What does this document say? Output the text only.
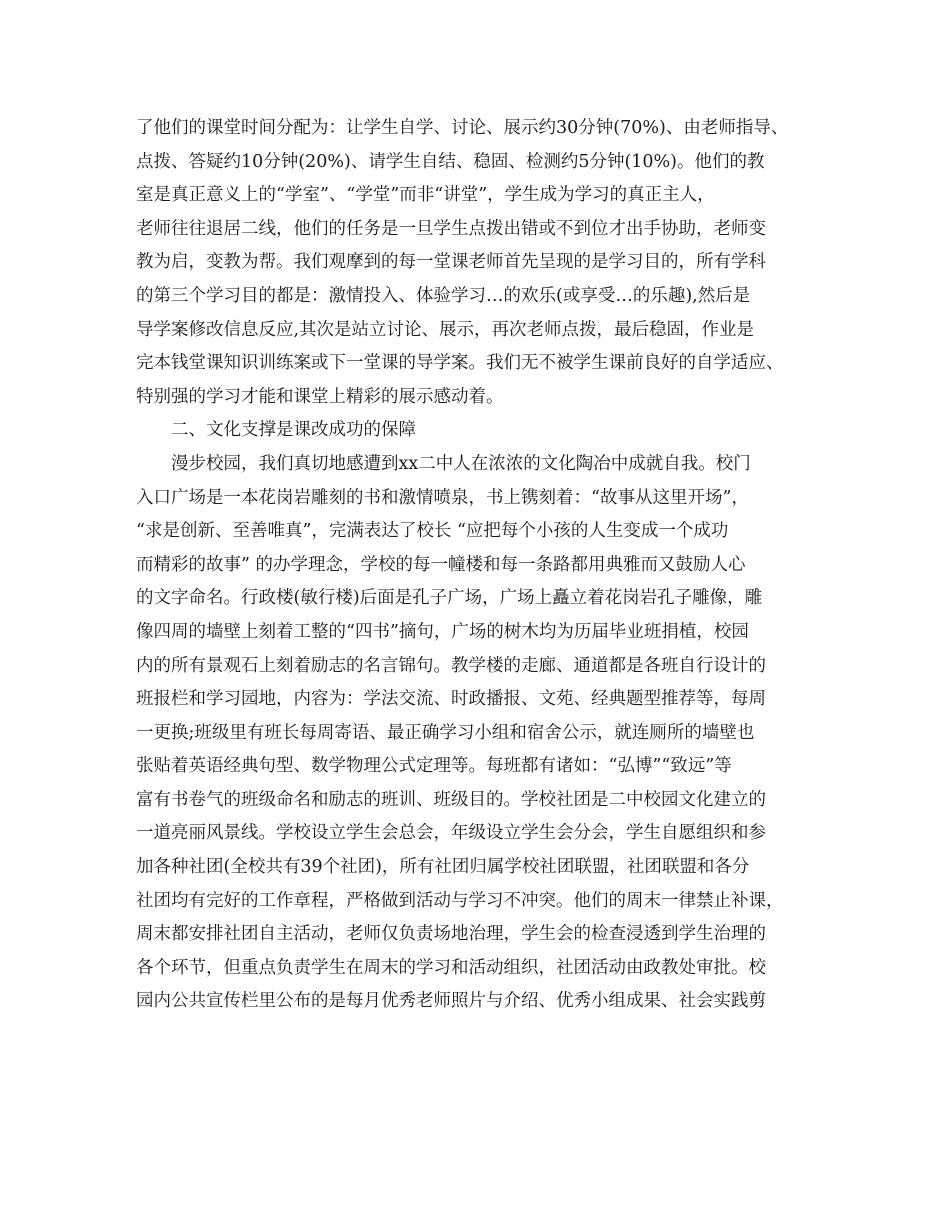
了他们的课堂时间分配为：让学生自学、讨论、展示约30分钟(70%)、由老师指导、
点拨、答疑约10分钟(20%)、请学生自结、稳固、检测约5分钟(10%)。他们的教
室是真正意义上的“学室”、“学堂”而非“讲堂”，学生成为学习的真正主人，
老师往往退居二线，他们的任务是一旦学生点拨出错或不到位才出手协助，老师变
教为启，变教为帮。我们观摩到的每一堂课老师首先呈现的是学习目的，所有学科
的第三个学习目的都是：激情投入、体验学习…的欢乐(或享受…的乐趣),然后是
导学案修改信息反应,其次是站立讨论、展示，再次老师点拨，最后稳固，作业是
完本钱堂课知识训练案或下一堂课的导学案。我们无不被学生课前良好的自学适应、
特别强的学习才能和课堂上精彩的展示感动着。
　　二、文化支撑是课改成功的保障
　　漫步校园，我们真切地感遭到xx二中人在浓浓的文化陶冶中成就自我。校门
入口广场是一本花岗岩雕刻的书和激情喷泉，书上镌刻着：“故事从这里开场”，
“求是创新、至善唯真”，完满表达了校长 “应把每个小孩的人生变成一个成功
而精彩的故事” 的办学理念，学校的每一幢楼和每一条路都用典雅而又鼓励人心
的文字命名。行政楼(敏行楼)后面是孔子广场，广场上矗立着花岗岩孔子雕像，雕
像四周的墙壁上刻着工整的“四书”摘句，广场的树木均为历届毕业班捐植，校园
内的所有景观石上刻着励志的名言锦句。教学楼的走廊、通道都是各班自行设计的
班报栏和学习园地，内容为：学法交流、时政播报、文苑、经典题型推荐等，每周
一更换;班级里有班长每周寄语、最正确学习小组和宿舍公示，就连厕所的墙壁也
张贴着英语经典句型、数学物理公式定理等。每班都有诸如：“弘博”“致远”等
富有书卷气的班级命名和励志的班训、班级目的。学校社团是二中校园文化建立的
一道亮丽风景线。学校设立学生会总会，年级设立学生会分会，学生自愿组织和参
加各种社团(全校共有39个社团)，所有社团归属学校社团联盟，社团联盟和各分
社团均有完好的工作章程，严格做到活动与学习不冲突。他们的周末一律禁止补课，
周末都安排社团自主活动，老师仅负责场地治理，学生会的检查浸透到学生治理的
各个环节，但重点负责学生在周末的学习和活动组织，社团活动由政教处审批。校
园内公共宣传栏里公布的是每月优秀老师照片与介绍、优秀小组成果、社会实践剪
